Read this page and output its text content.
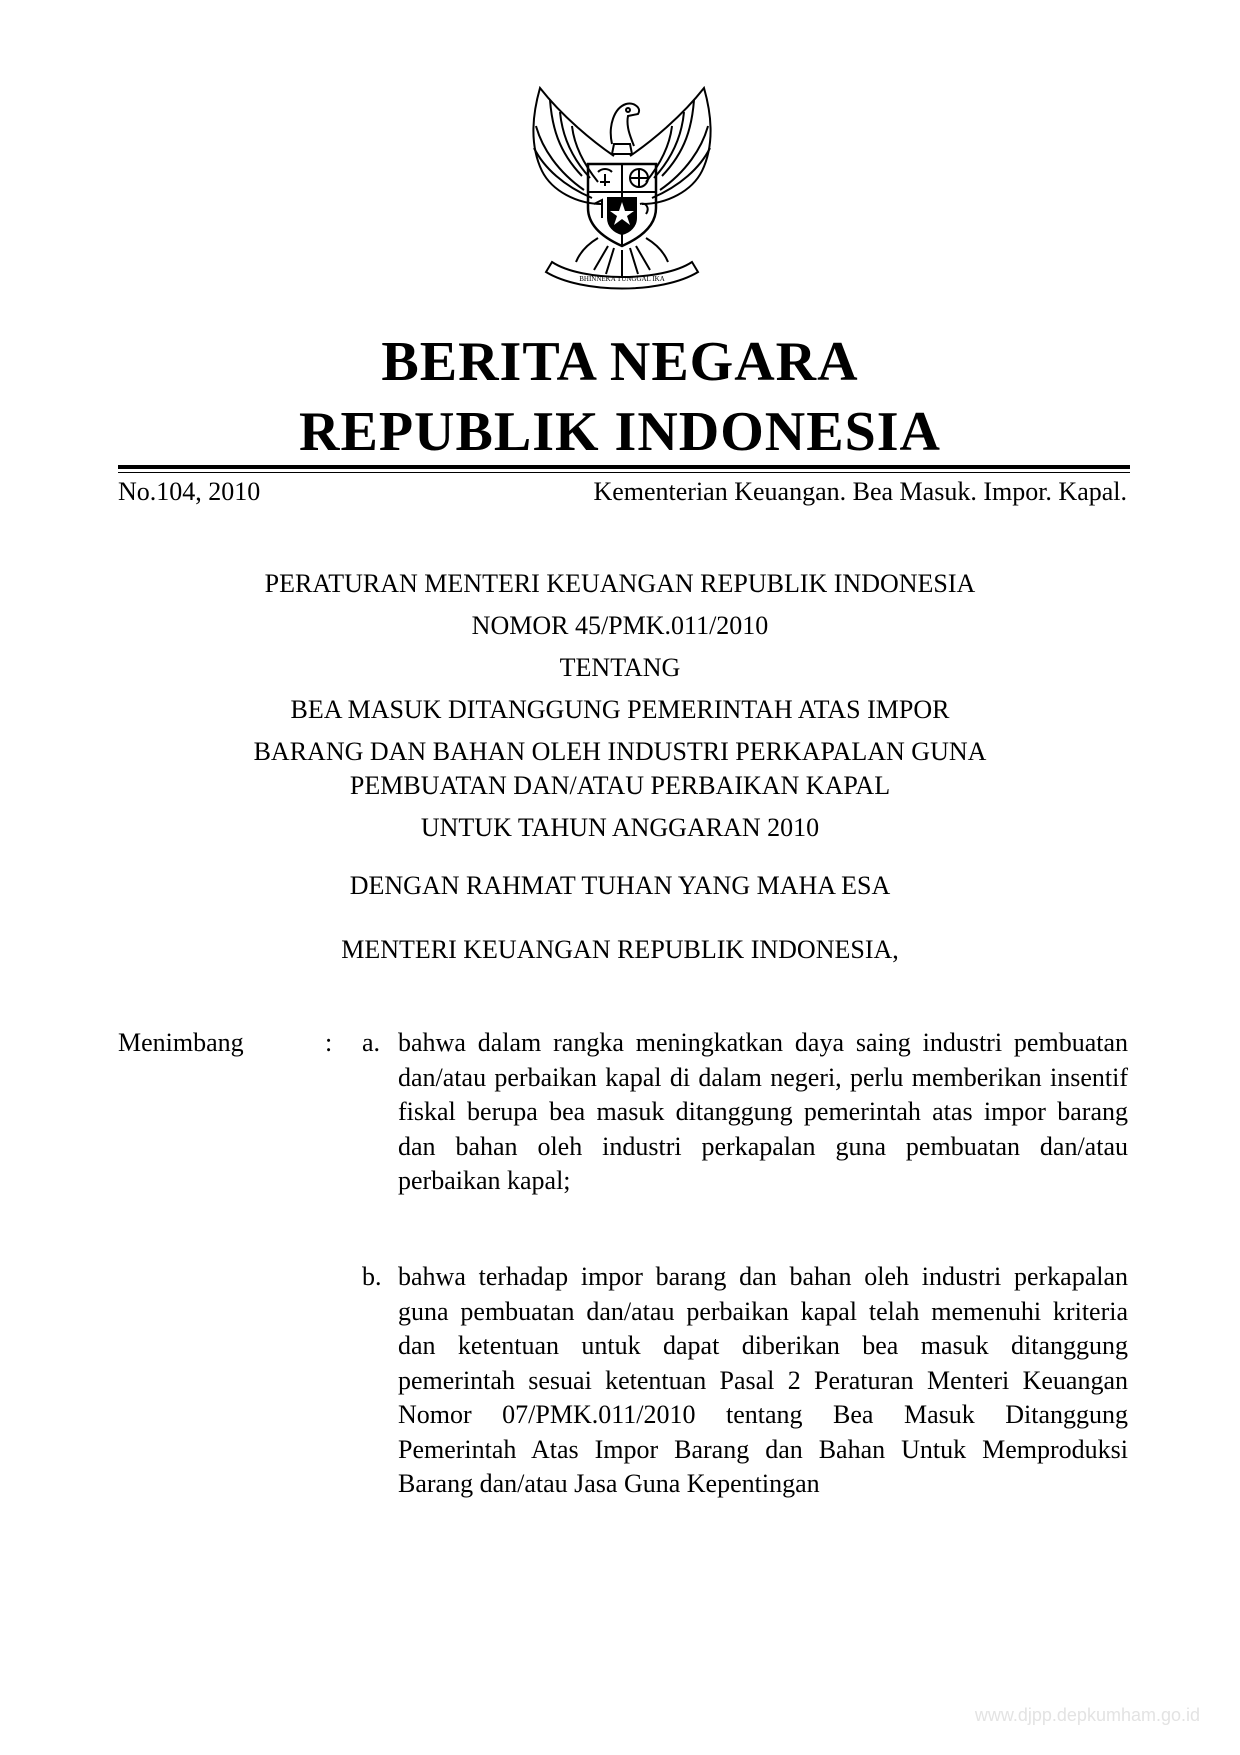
BHINNEKA TUNGGAL IKA
BERITA NEGARA
REPUBLIK INDONESIA
No.104, 2010	Kementerian Keuangan. Bea Masuk. Impor. Kapal.
PERATURAN MENTERI KEUANGAN REPUBLIK INDONESIA
NOMOR 45/PMK.011/2010
TENTANG
BEA MASUK DITANGGUNG PEMERINTAH ATAS IMPOR
BARANG DAN BAHAN OLEH INDUSTRI PERKAPALAN GUNA
PEMBUATAN DAN/ATAU PERBAIKAN KAPAL
UNTUK TAHUN ANGGARAN 2010
DENGAN RAHMAT TUHAN YANG MAHA ESA
MENTERI KEUANGAN REPUBLIK INDONESIA,
Menimbang	: a. bahwa dalam rangka meningkatkan daya saing industri pembuatan dan/atau perbaikan kapal di dalam negeri, perlu memberikan insentif fiskal berupa bea masuk ditanggung pemerintah atas impor barang dan bahan oleh industri perkapalan guna pembuatan dan/atau perbaikan kapal;
b. bahwa terhadap impor barang dan bahan oleh industri perkapalan guna pembuatan dan/atau perbaikan kapal telah memenuhi kriteria dan ketentuan untuk dapat diberikan bea masuk ditanggung pemerintah sesuai ketentuan Pasal 2 Peraturan Menteri Keuangan Nomor 07/PMK.011/2010 tentang Bea Masuk Ditanggung Pemerintah Atas Impor Barang dan Bahan Untuk Memproduksi Barang dan/atau Jasa Guna Kepentingan
www.djpp.depkumham.go.id
